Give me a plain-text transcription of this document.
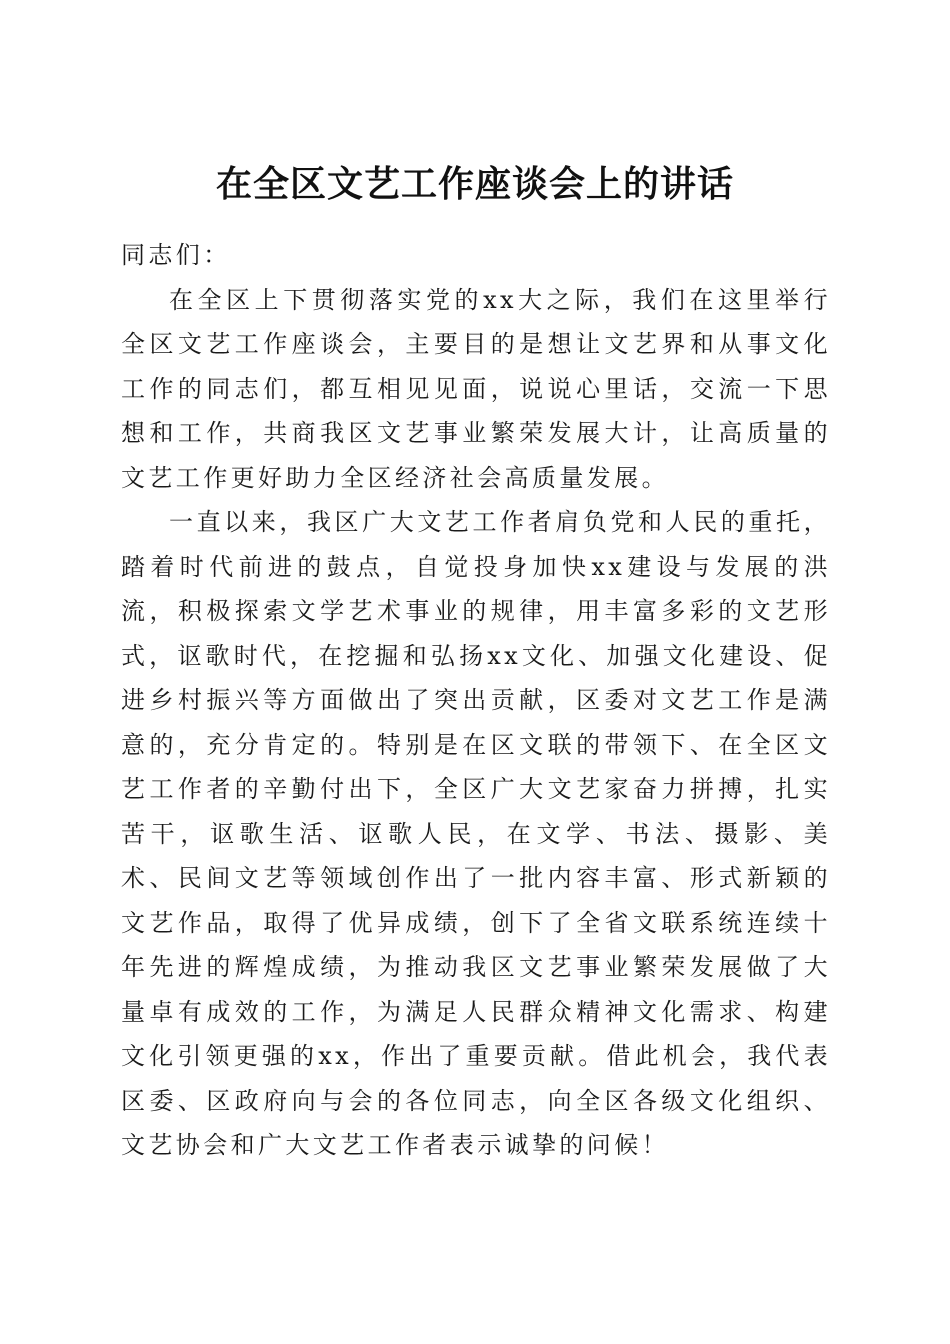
在全区文艺工作座谈会上的讲话

同志们：

在全区上下贯彻落实党的xx大之际，我们在这里举行全区文艺工作座谈会，主要目的是想让文艺界和从事文化工作的同志们，都互相见见面，说说心里话，交流一下思想和工作，共商我区文艺事业繁荣发展大计，让高质量的文艺工作更好助力全区经济社会高质量发展。

一直以来，我区广大文艺工作者肩负党和人民的重托，踏着时代前进的鼓点，自觉投身加快xx建设与发展的洪流，积极探索文学艺术事业的规律，用丰富多彩的文艺形式，讴歌时代，在挖掘和弘扬xx文化、加强文化建设、促进乡村振兴等方面做出了突出贡献，区委对文艺工作是满意的，充分肯定的。特别是在区文联的带领下、在全区文艺工作者的辛勤付出下，全区广大文艺家奋力拼搏，扎实苦干，讴歌生活、讴歌人民，在文学、书法、摄影、美术、民间文艺等领域创作出了一批内容丰富、形式新颖的文艺作品，取得了优异成绩，创下了全省文联系统连续十年先进的辉煌成绩，为推动我区文艺事业繁荣发展做了大量卓有成效的工作，为满足人民群众精神文化需求、构建文化引领更强的xx，作出了重要贡献。借此机会，我代表区委、区政府向与会的各位同志，向全区各级文化组织、文艺协会和广大文艺工作者表示诚挚的问候！
